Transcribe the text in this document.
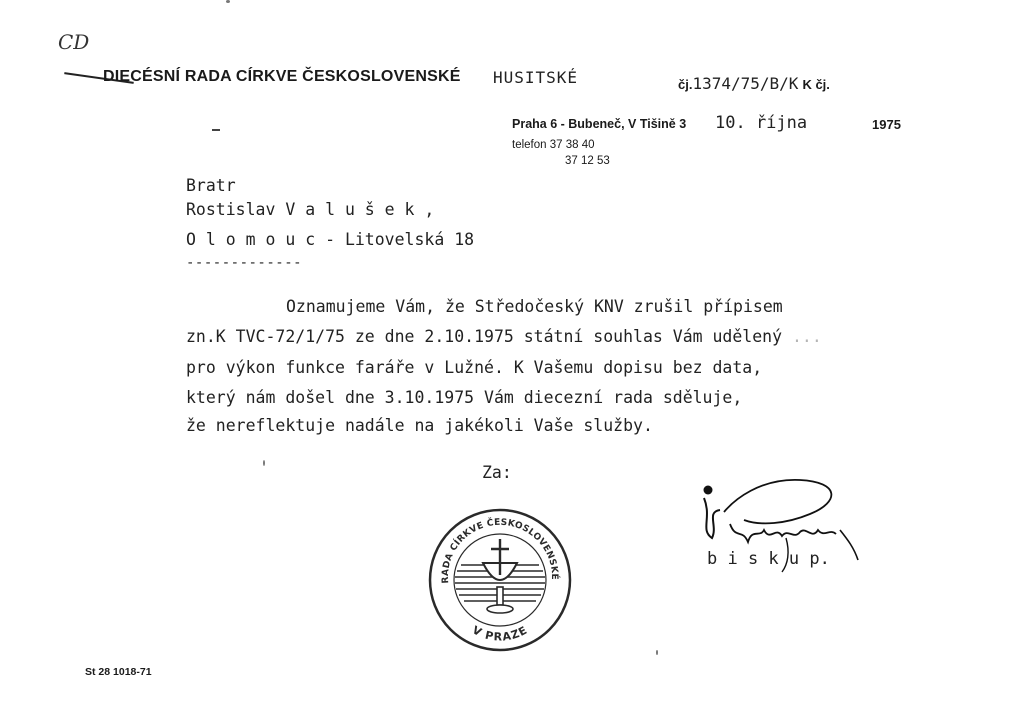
CD
DIECÉSNÍ RADA CÍRKVE ČESKOSLOVENSKÉ HUSITSKÉ	čj.1374/75/B/K K čj.
Praha 6 - Bubeneč, V Tišině 3 10. října	1975
telefon 37 38 40
37 12 53
Bratr
Rostislav V a l u š e k ,
O l o m o u c - Litovelská 18
-------------
Oznamujeme Vám, že Středočeský KNV zrušil přípisem
zn.K TVC-72/1/75 ze dne 2.10.1975 státní souhlas Vám udělený ...
pro výkon funkce faráře v Lužné. K Vašemu dopisu bez data,
který nám došel dne 3.10.1975 Vám diecezní rada sděluje,
že nereflektuje nadále na jakékoli Vaše služby.
Za:
RADA CÍRKVE ČESKOSLOVENSKÉ
V PRAZE
b i s k u p.
St 28 1018-71
